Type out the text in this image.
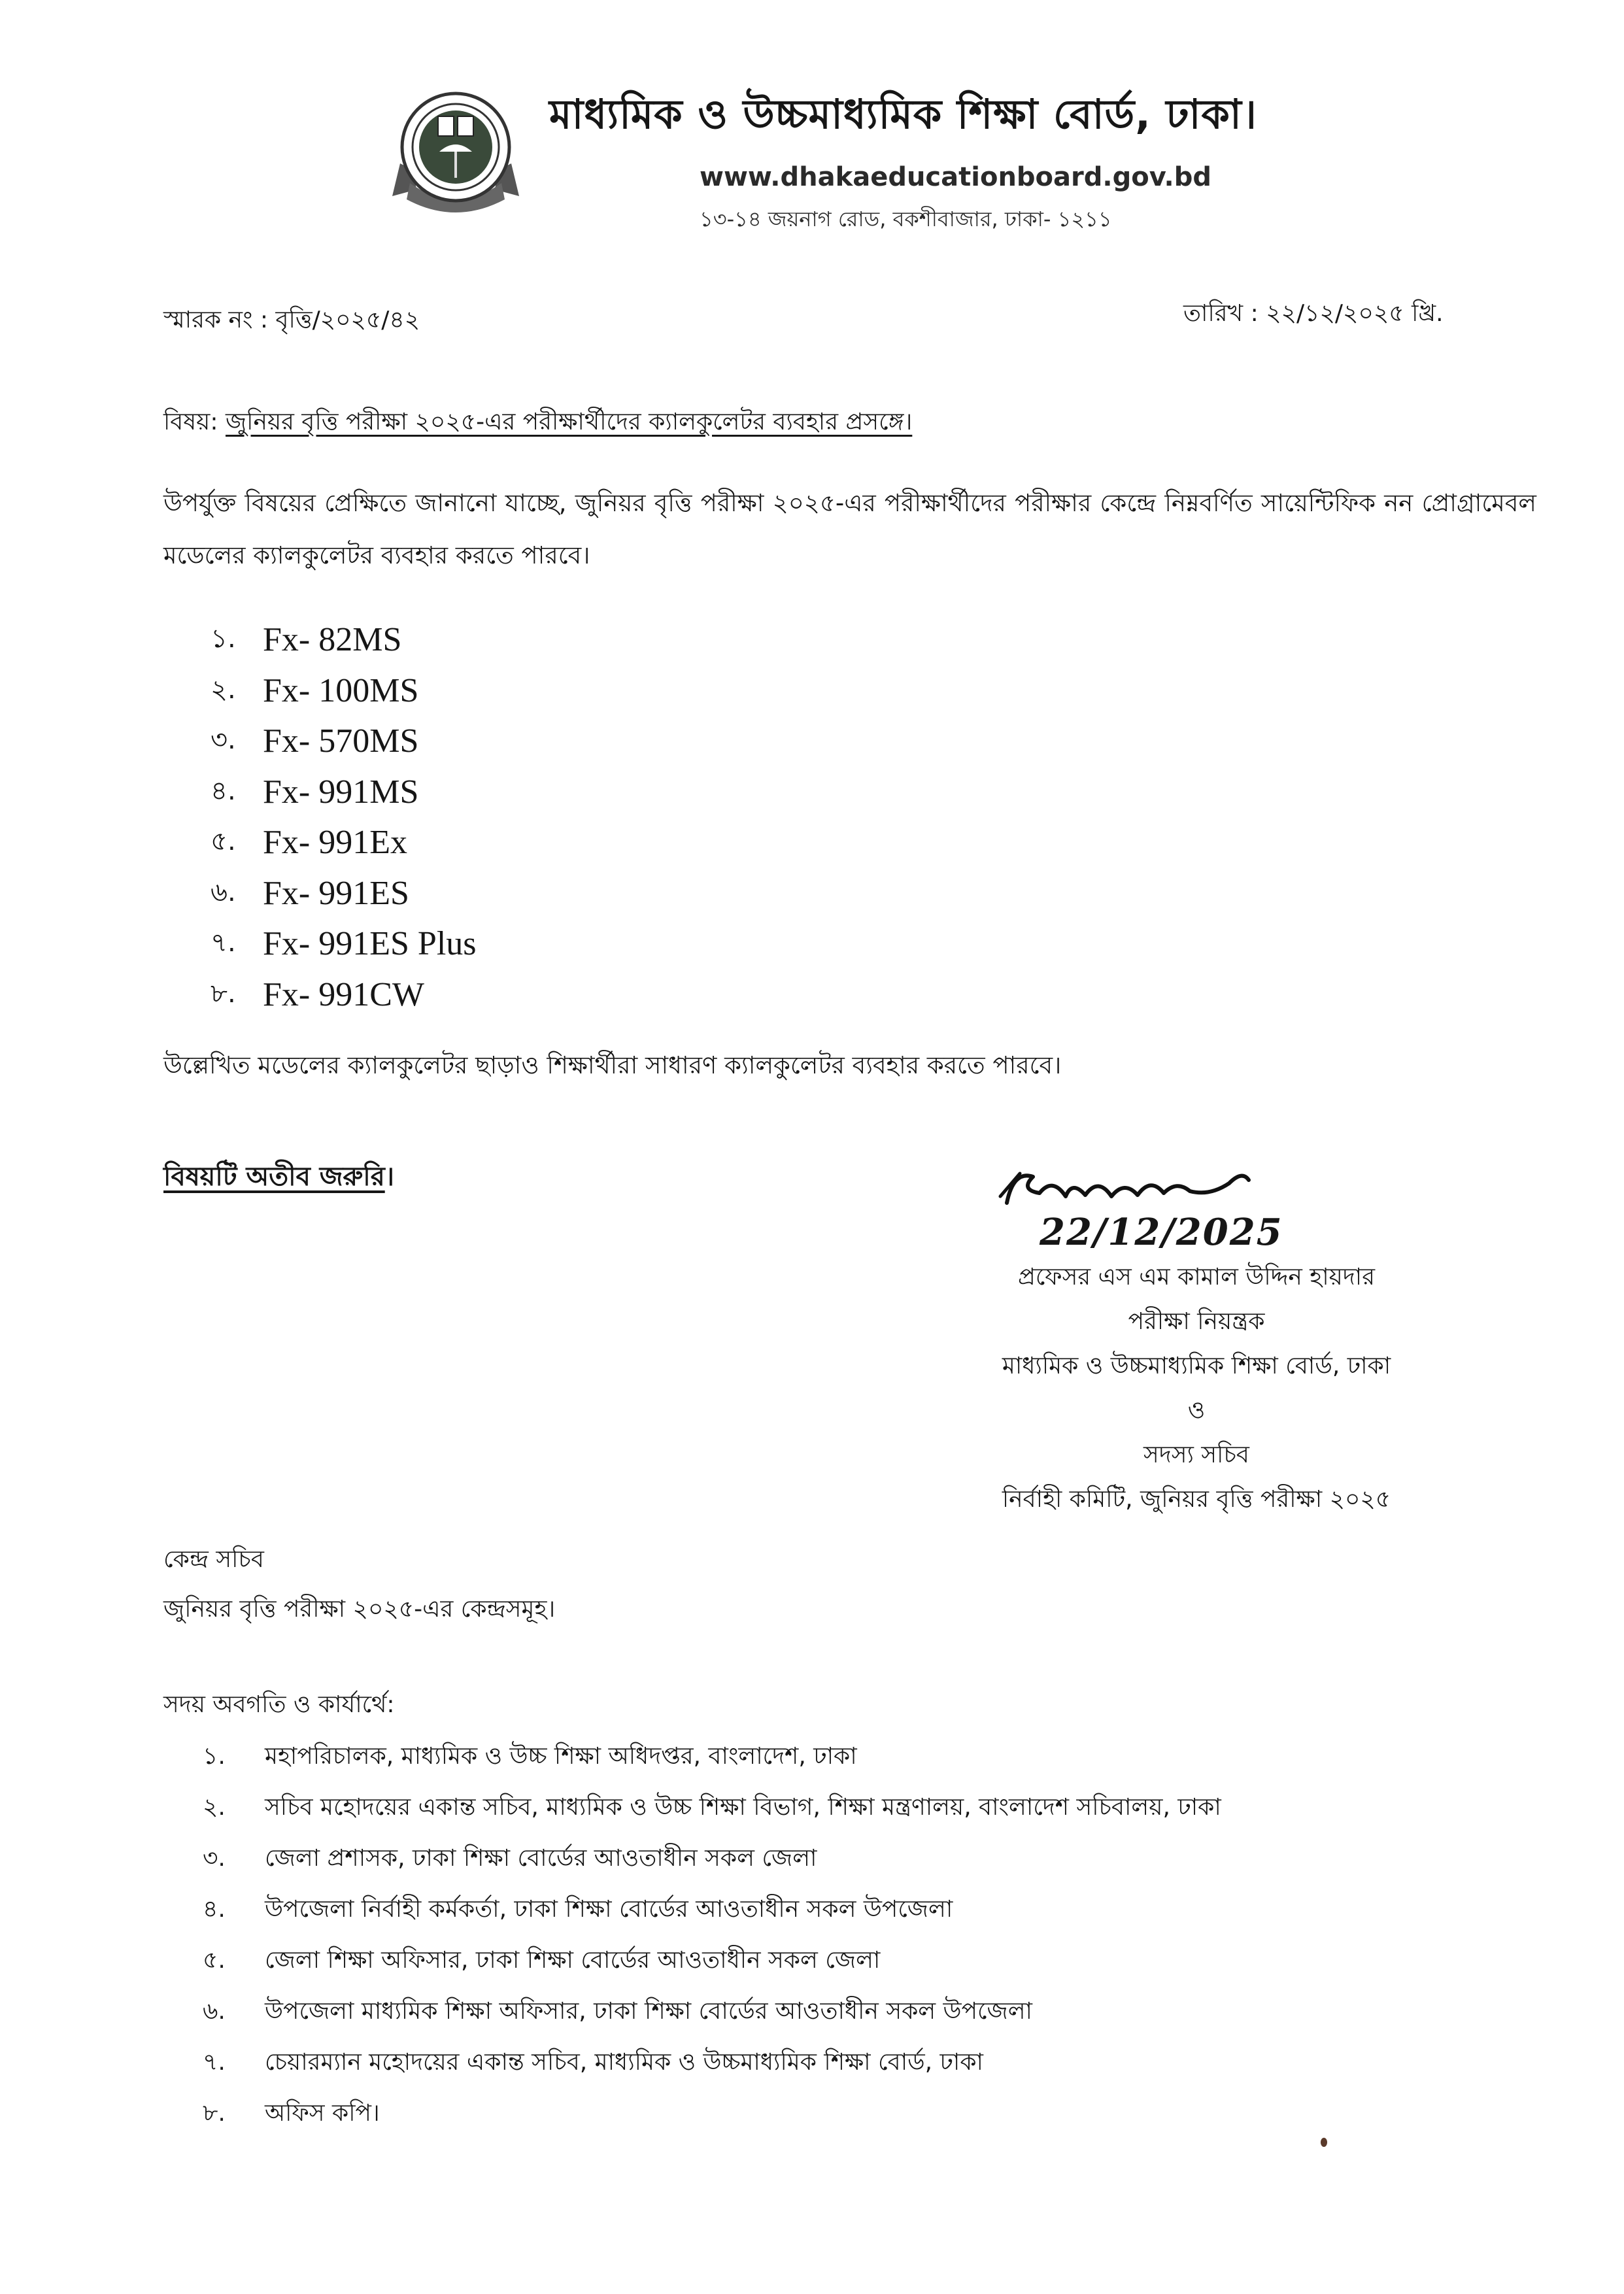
মাধ্যমিক ও উচ্চমাধ্যমিক শিক্ষা বোর্ড, ঢাকা।
www.dhakaeducationboard.gov.bd
১৩-১৪ জয়নাগ রোড, বকশীবাজার, ঢাকা- ১২১১
স্মারক নং : বৃত্তি/২০২৫/৪২	তারিখ : ২২/১২/২০২৫ খ্রি.
বিষয়: জুনিয়র বৃত্তি পরীক্ষা ২০২৫-এর পরীক্ষার্থীদের ক্যালকুলেটর ব্যবহার প্রসঙ্গে।
উপর্যুক্ত বিষয়ের প্রেক্ষিতে জানানো যাচ্ছে, জুনিয়র বৃত্তি পরীক্ষা ২০২৫-এর পরীক্ষার্থীদের পরীক্ষার কেন্দ্রে নিম্নবর্ণিত সায়েন্টিফিক নন প্রোগ্রামেবল মডেলের ক্যালকুলেটর ব্যবহার করতে পারবে।
১. Fx- 82MS
২. Fx- 100MS
৩. Fx- 570MS
৪. Fx- 991MS
৫. Fx- 991Ex
৬. Fx- 991ES
৭. Fx- 991ES Plus
৮. Fx- 991CW
উল্লেখিত মডেলের ক্যালকুলেটর ছাড়াও শিক্ষার্থীরা সাধারণ ক্যালকুলেটর ব্যবহার করতে পারবে।
বিষয়টি অতীব জরুরি।
22/12/2025
প্রফেসর এস এম কামাল উদ্দিন হায়দার
পরীক্ষা নিয়ন্ত্রক
মাধ্যমিক ও উচ্চমাধ্যমিক শিক্ষা বোর্ড, ঢাকা
ও
সদস্য সচিব
নির্বাহী কমিটি, জুনিয়র বৃত্তি পরীক্ষা ২০২৫
কেন্দ্র সচিব
জুনিয়র বৃত্তি পরীক্ষা ২০২৫-এর কেন্দ্রসমূহ।
সদয় অবগতি ও কার্যার্থে:
১.	মহাপরিচালক, মাধ্যমিক ও উচ্চ শিক্ষা অধিদপ্তর, বাংলাদেশ, ঢাকা
২.	সচিব মহোদয়ের একান্ত সচিব, মাধ্যমিক ও উচ্চ শিক্ষা বিভাগ, শিক্ষা মন্ত্রণালয়, বাংলাদেশ সচিবালয়, ঢাকা
৩.	জেলা প্রশাসক, ঢাকা শিক্ষা বোর্ডের আওতাধীন সকল জেলা
৪.	উপজেলা নির্বাহী কর্মকর্তা, ঢাকা শিক্ষা বোর্ডের আওতাধীন সকল উপজেলা
৫.	জেলা শিক্ষা অফিসার, ঢাকা শিক্ষা বোর্ডের আওতাধীন সকল জেলা
৬.	উপজেলা মাধ্যমিক শিক্ষা অফিসার, ঢাকা শিক্ষা বোর্ডের আওতাধীন সকল উপজেলা
৭.	চেয়ারম্যান মহোদয়ের একান্ত সচিব, মাধ্যমিক ও উচ্চমাধ্যমিক শিক্ষা বোর্ড, ঢাকা
৮.	অফিস কপি।
